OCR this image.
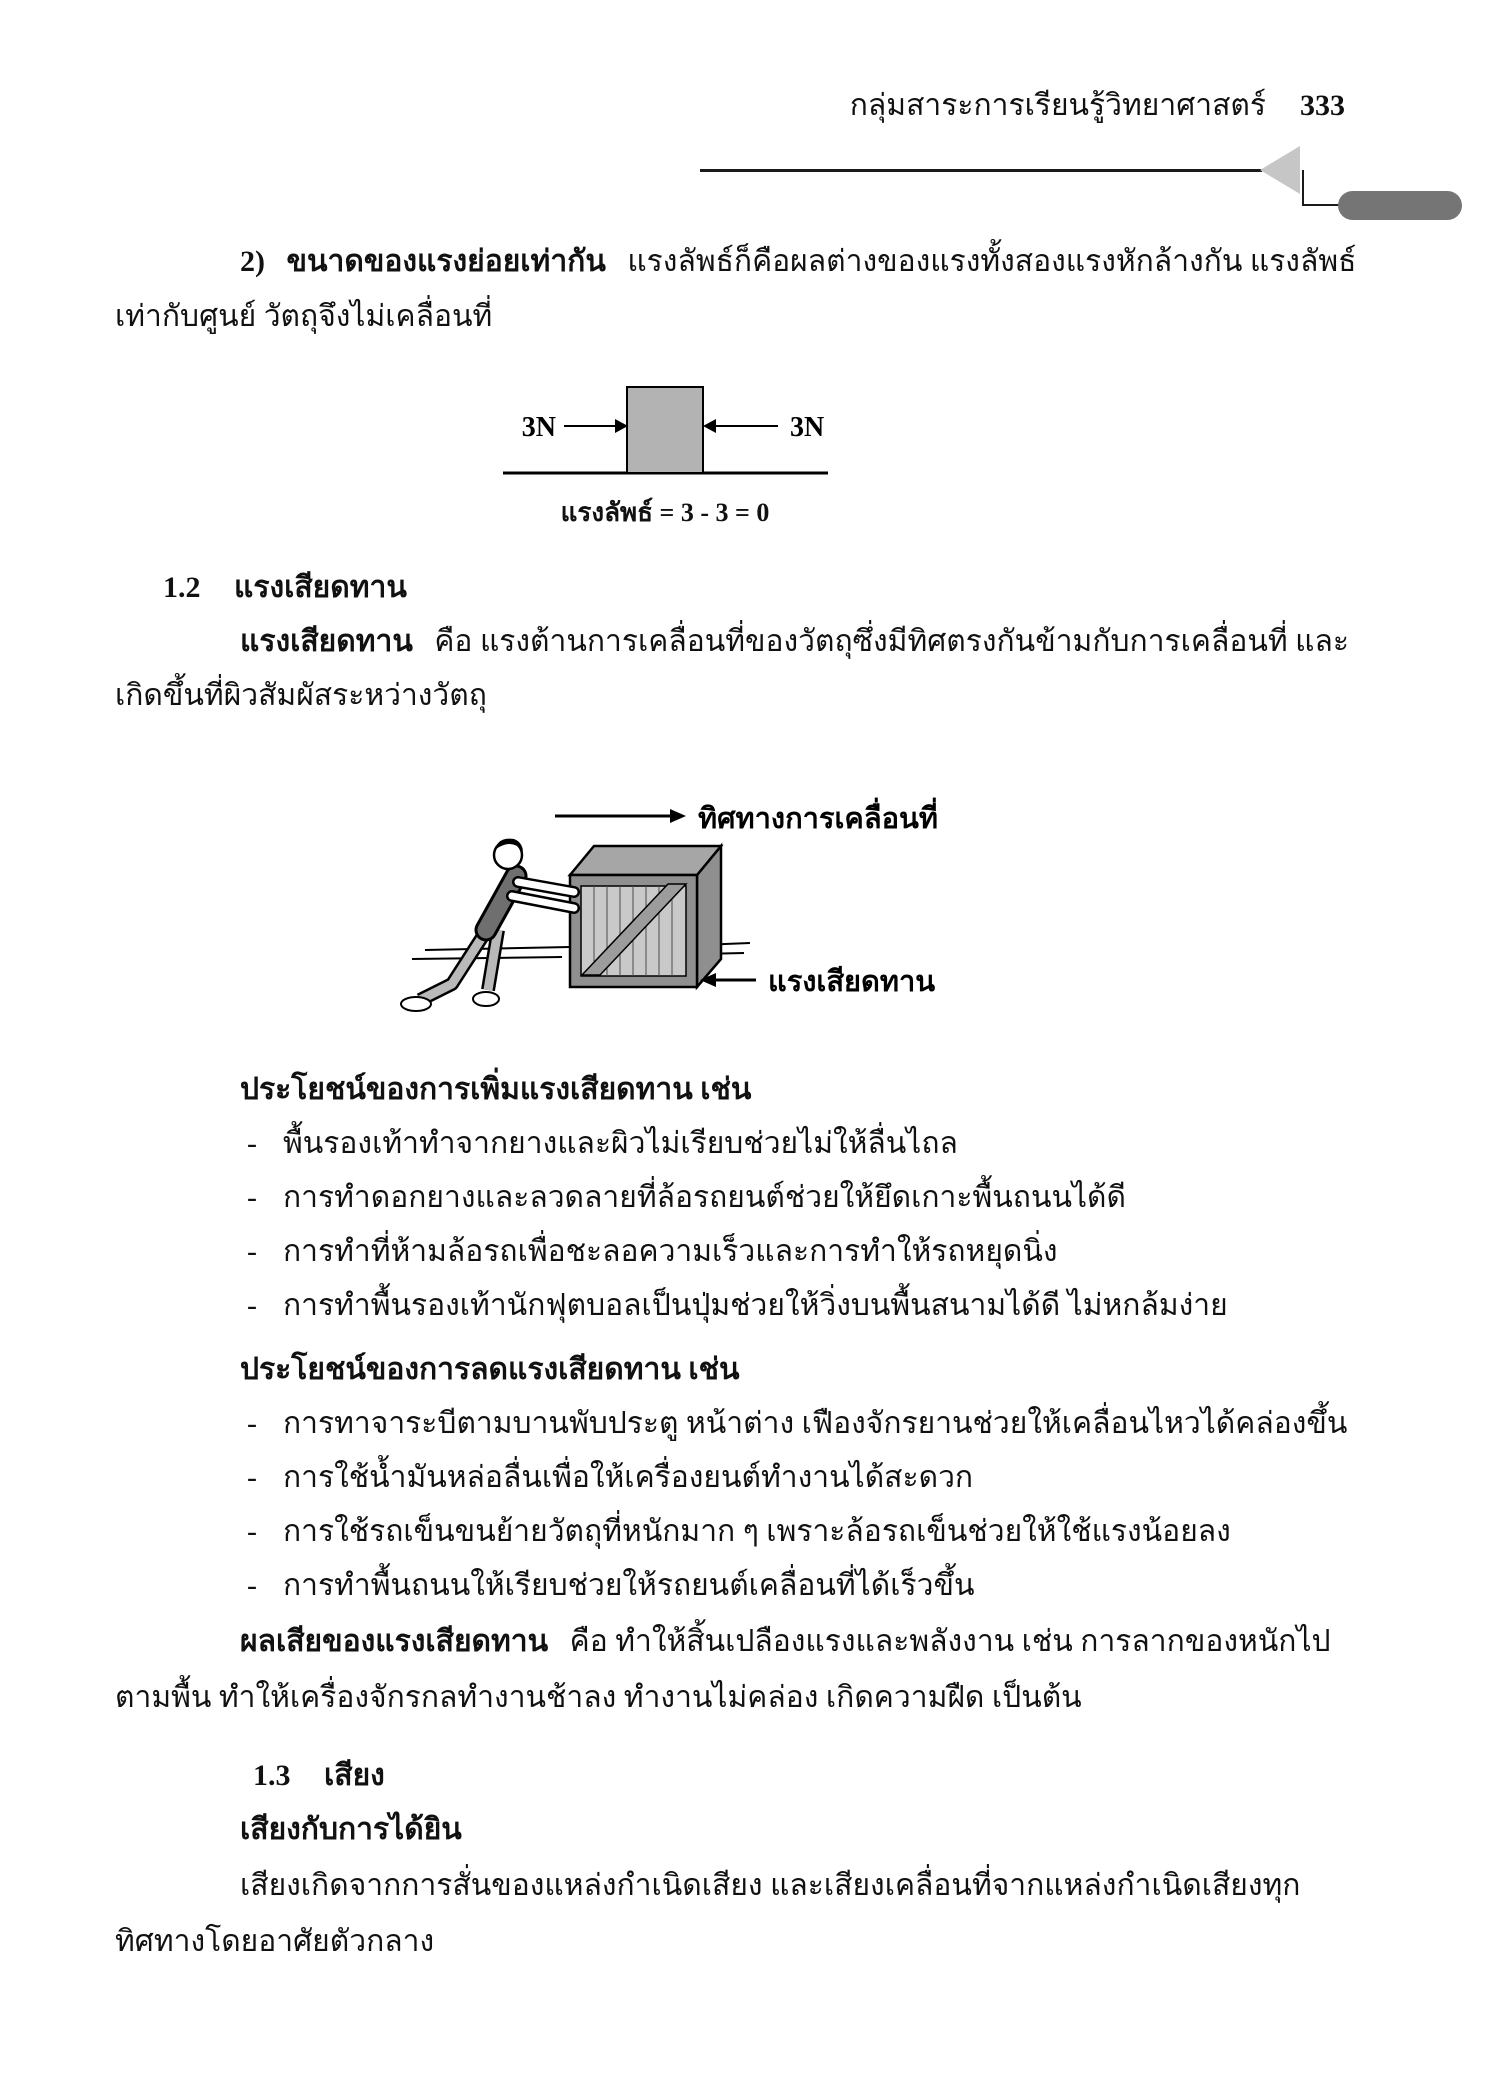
กลุ่มสาระการเรียนรู้วิทยาศาสตร์ 333
2) ขนาดของแรงย่อยเท่ากัน แรงลัพธ์ก็คือผลต่างของแรงทั้งสองแรงหักล้างกัน แรงลัพธ์
เท่ากับศูนย์ วัตถุจึงไม่เคลื่อนที่
3N	3N
แรงลัพธ์ = 3 - 3 = 0
1.2 แรงเสียดทาน
แรงเสียดทาน คือ แรงต้านการเคลื่อนที่ของวัตถุซึ่งมีทิศตรงกันข้ามกับการเคลื่อนที่ และ
เกิดขึ้นที่ผิวสัมผัสระหว่างวัตถุ
ทิศทางการเคลื่อนที่
แรงเสียดทาน
ประโยชน์ของการเพิ่มแรงเสียดทาน เช่น
- พื้นรองเท้าทำจากยางและผิวไม่เรียบช่วยไม่ให้ลื่นไถล
- การทำดอกยางและลวดลายที่ล้อรถยนต์ช่วยให้ยึดเกาะพื้นถนนได้ดี
- การทำที่ห้ามล้อรถเพื่อชะลอความเร็วและการทำให้รถหยุดนิ่ง
- การทำพื้นรองเท้านักฟุตบอลเป็นปุ่มช่วยให้วิ่งบนพื้นสนามได้ดี ไม่หกล้มง่าย
ประโยชน์ของการลดแรงเสียดทาน เช่น
- การทาจาระบีตามบานพับประตู หน้าต่าง เฟืองจักรยานช่วยให้เคลื่อนไหวได้คล่องขึ้น
- การใช้น้ำมันหล่อลื่นเพื่อให้เครื่องยนต์ทำงานได้สะดวก
- การใช้รถเข็นขนย้ายวัตถุที่หนักมาก ๆ เพราะล้อรถเข็นช่วยให้ใช้แรงน้อยลง
- การทำพื้นถนนให้เรียบช่วยให้รถยนต์เคลื่อนที่ได้เร็วขึ้น
ผลเสียของแรงเสียดทาน คือ ทำให้สิ้นเปลืองแรงและพลังงาน เช่น การลากของหนักไป
ตามพื้น ทำให้เครื่องจักรกลทำงานช้าลง ทำงานไม่คล่อง เกิดความฝืด เป็นต้น
1.3 เสียง
เสียงกับการได้ยิน
เสียงเกิดจากการสั่นของแหล่งกำเนิดเสียง และเสียงเคลื่อนที่จากแหล่งกำเนิดเสียงทุก
ทิศทางโดยอาศัยตัวกลาง
